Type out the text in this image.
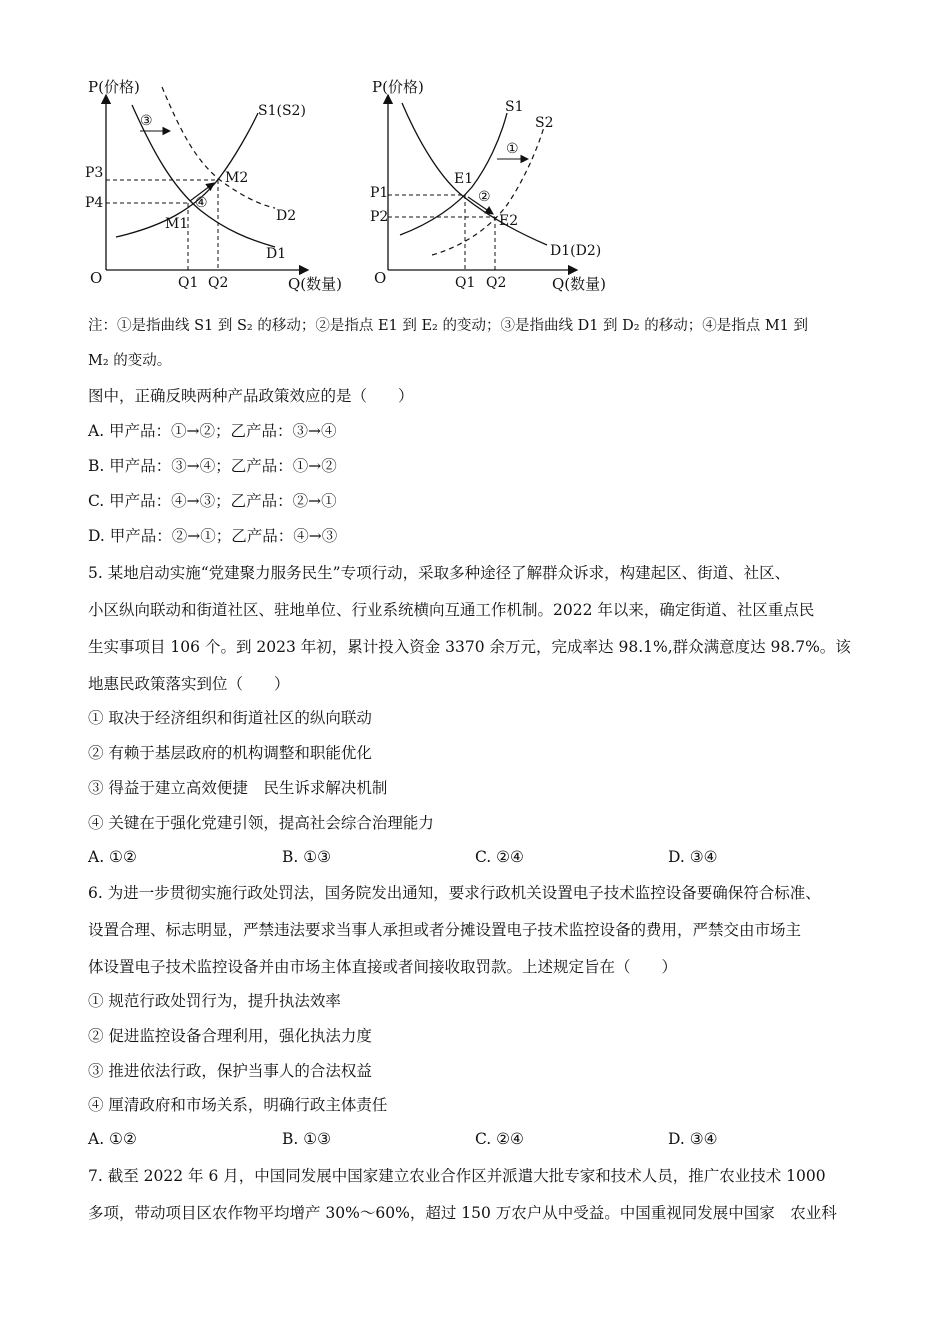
P(价格)
Q(数量)
O
S1(S2)
D1
D2
M1
M2
P3
P4
Q1 Q2
③
④
P(价格)
Q(数量)
O
S1
S2
D1(D2)
E1
E2
P1
P2
Q1 Q2
①
②
注：①是指曲线 S1 到 S₂ 的移动；②是指点 E1 到 E₂ 的变动；③是指曲线 D1 到 D₂ 的移动；④是指点 M1 到
M₂ 的变动。
图中，正确反映两种产品政策效应的是（　　）
A. 甲产品：①→②；乙产品：③→④
B. 甲产品：③→④；乙产品：①→②
C. 甲产品：④→③；乙产品：②→①
D. 甲产品：②→①；乙产品：④→③
5. 某地启动实施“党建聚力服务民生”专项行动，采取多种途径了解群众诉求，构建起区、街道、社区、
小区纵向联动和街道社区、驻地单位、行业系统横向互通工作机制。2022 年以来，确定街道、社区重点民
生实事项目 106 个。到 2023 年初，累计投入资金 3370 余万元，完成率达 98.1%,群众满意度达 98.7%。该
地惠民政策落实到位（　　）
① 取决于经济组织和街道社区的纵向联动
② 有赖于基层政府的机构调整和职能优化
③ 得益于建立高效便捷　民生诉求解决机制
④ 关键在于强化党建引领，提高社会综合治理能力
A. ①②	B. ①③	C. ②④	D. ③④
6. 为进一步贯彻实施行政处罚法，国务院发出通知，要求行政机关设置电子技术监控设备要确保符合标准、
设置合理、标志明显，严禁违法要求当事人承担或者分摊设置电子技术监控设备的费用，严禁交由市场主
体设置电子技术监控设备并由市场主体直接或者间接收取罚款。上述规定旨在（　　）
① 规范行政处罚行为，提升执法效率
② 促进监控设备合理利用，强化执法力度
③ 推进依法行政，保护当事人的合法权益
④ 厘清政府和市场关系，明确行政主体责任
A. ①②	B. ①③	C. ②④	D. ③④
7. 截至 2022 年 6 月，中国同发展中国家建立农业合作区并派遣大批专家和技术人员，推广农业技术 1000
多项，带动项目区农作物平均增产 30%～60%，超过 150 万农户从中受益。中国重视同发展中国家　农业科
